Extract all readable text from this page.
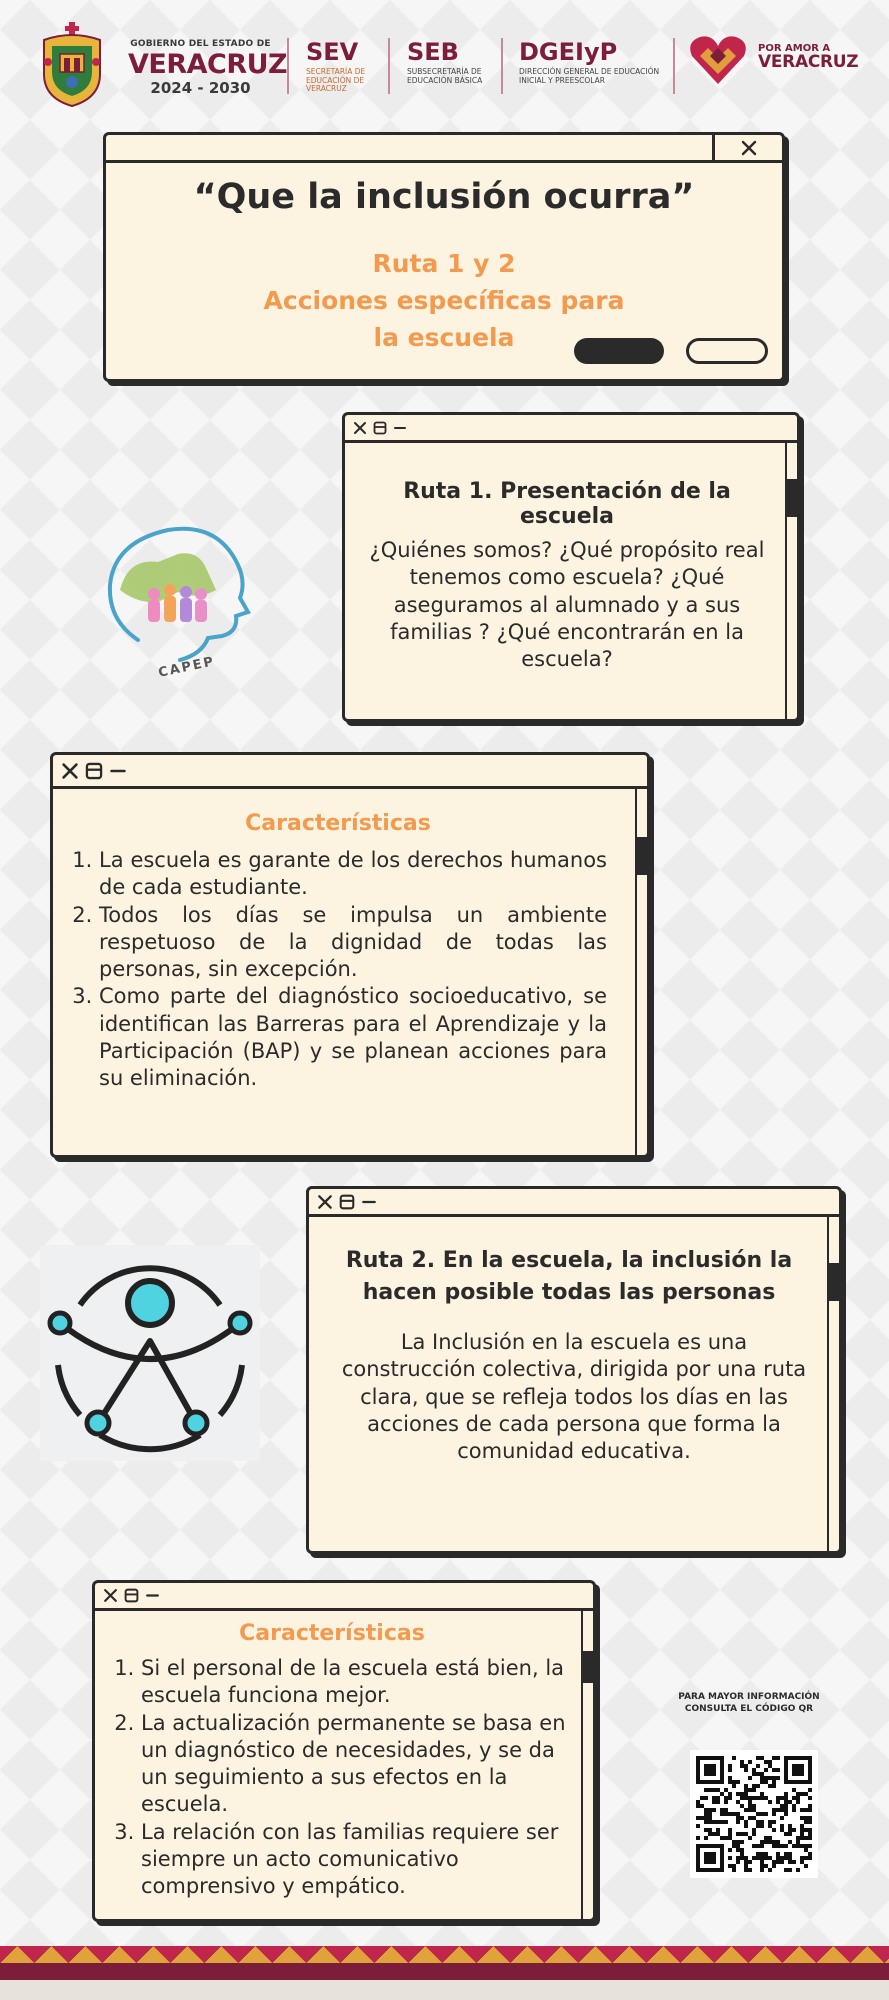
GOBIERNO DEL ESTADO DE
VERACRUZ
2024 - 2030
SEV
SECRETARÍA DE EDUCACIÓN DE VERACRUZ
SEB
SUBSECRETARÍA DE EDUCACIÓN BÁSICA
DGEIyP
DIRECCIÓN GENERAL DE EDUCACIÓN INICIAL Y PREESCOLAR
POR AMOR A
VERACRUZ
“Que la inclusión ocurra”
Ruta 1 y 2
Acciones específicas para
la escuela
Ruta 1. Presentación de la escuela
¿Quiénes somos? ¿Qué propósito real tenemos como escuela? ¿Qué aseguramos al alumnado y a sus familias ? ¿Qué encontrarán en la escuela?
CAPEP
Características
1. La escuela es garante de los derechos humanos de cada estudiante.
2. Todos los días se impulsa un ambiente respetuoso de la dignidad de todas las personas, sin excepción.
3. Como parte del diagnóstico socioeducativo, se identifican las Barreras para el Aprendizaje y la Participación (BAP) y se planean acciones para su eliminación.
Ruta 2. En la escuela, la inclusión la hacen posible todas las personas
La Inclusión en la escuela es una construcción colectiva, dirigida por una ruta clara, que se refleja todos los días en las acciones de cada persona que forma la comunidad educativa.
Características
1. Si el personal de la escuela está bien, la escuela funciona mejor.
2. La actualización permanente se basa en un diagnóstico de necesidades, y se da un seguimiento a sus efectos en la escuela.
3. La relación con las familias requiere ser siempre un acto comunicativo comprensivo y empático.
PARA MAYOR INFORMACIÓN
CONSULTA EL CÓDIGO QR
